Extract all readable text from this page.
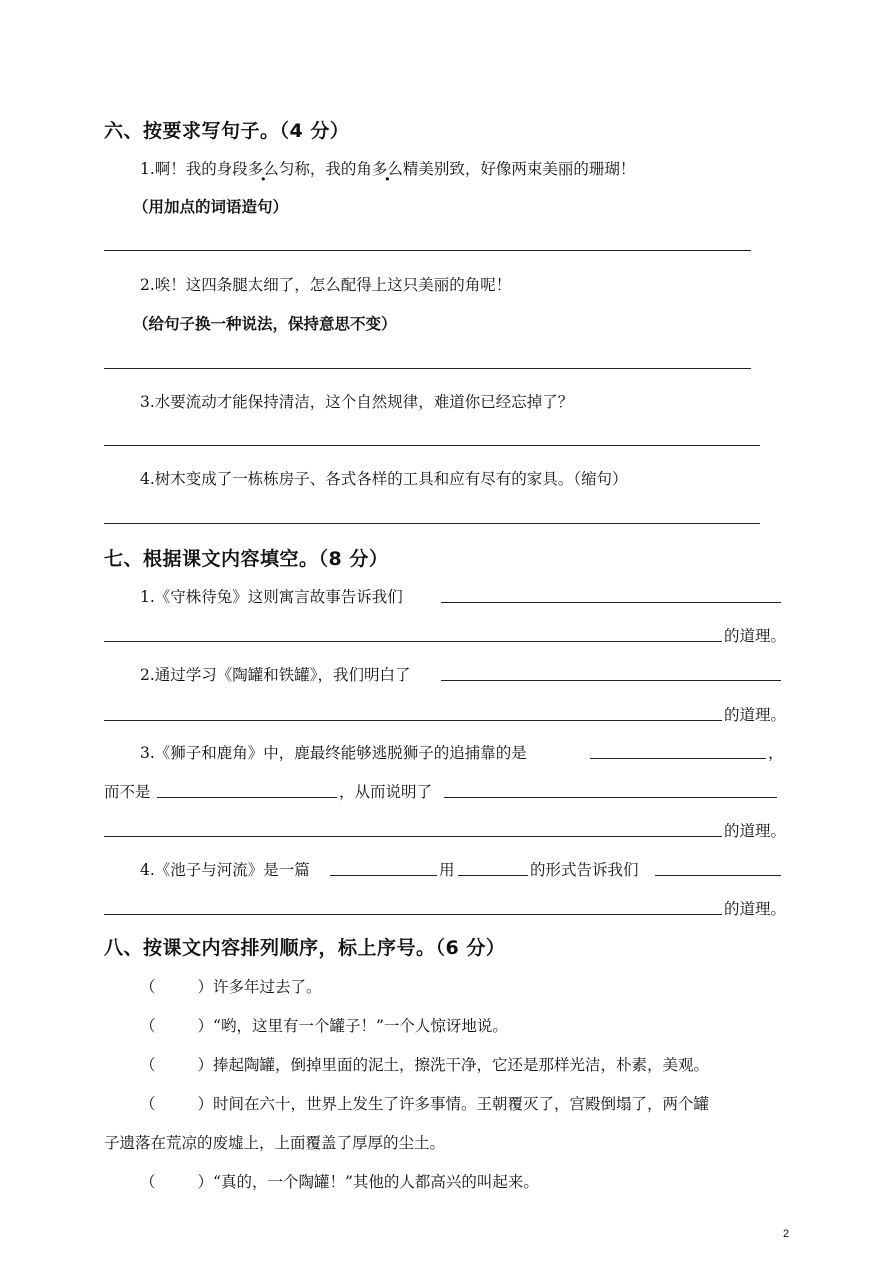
六、按要求写句子。（4 分）
1.啊！我的身段多么匀称，我的角多么精美别致，好像两束美丽的珊瑚！
（用加点的词语造句）
2.唉！这四条腿太细了，怎么配得上这只美丽的角呢！
（给句子换一种说法，保持意思不变）
3.水要流动才能保持清洁，这个自然规律，难道你已经忘掉了？
4.树木变成了一栋栋房子、各式各样的工具和应有尽有的家具。（缩句）
七、根据课文内容填空。（8 分）
1.《守株待兔》这则寓言故事告诉我们
的道理。
2.通过学习《陶罐和铁罐》，我们明白了
的道理。
3.《狮子和鹿角》中，鹿最终能够逃脱狮子的追捕靠的是	，
而不是	，从而说明了
的道理。
4.《池子与河流》是一篇	用	的形式告诉我们
的道理。
八、按课文内容排列顺序，标上序号。（6 分）
（	）许多年过去了。
（	）“哟，这里有一个罐子！”一个人惊讶地说。
（	）捧起陶罐，倒掉里面的泥土，擦洗干净，它还是那样光洁，朴素，美观。
（	）时间在六十，世界上发生了许多事情。王朝覆灭了，宫殿倒塌了，两个罐
子遗落在荒凉的废墟上，上面覆盖了厚厚的尘土。
（	）“真的，一个陶罐！”其他的人都高兴的叫起来。
2
